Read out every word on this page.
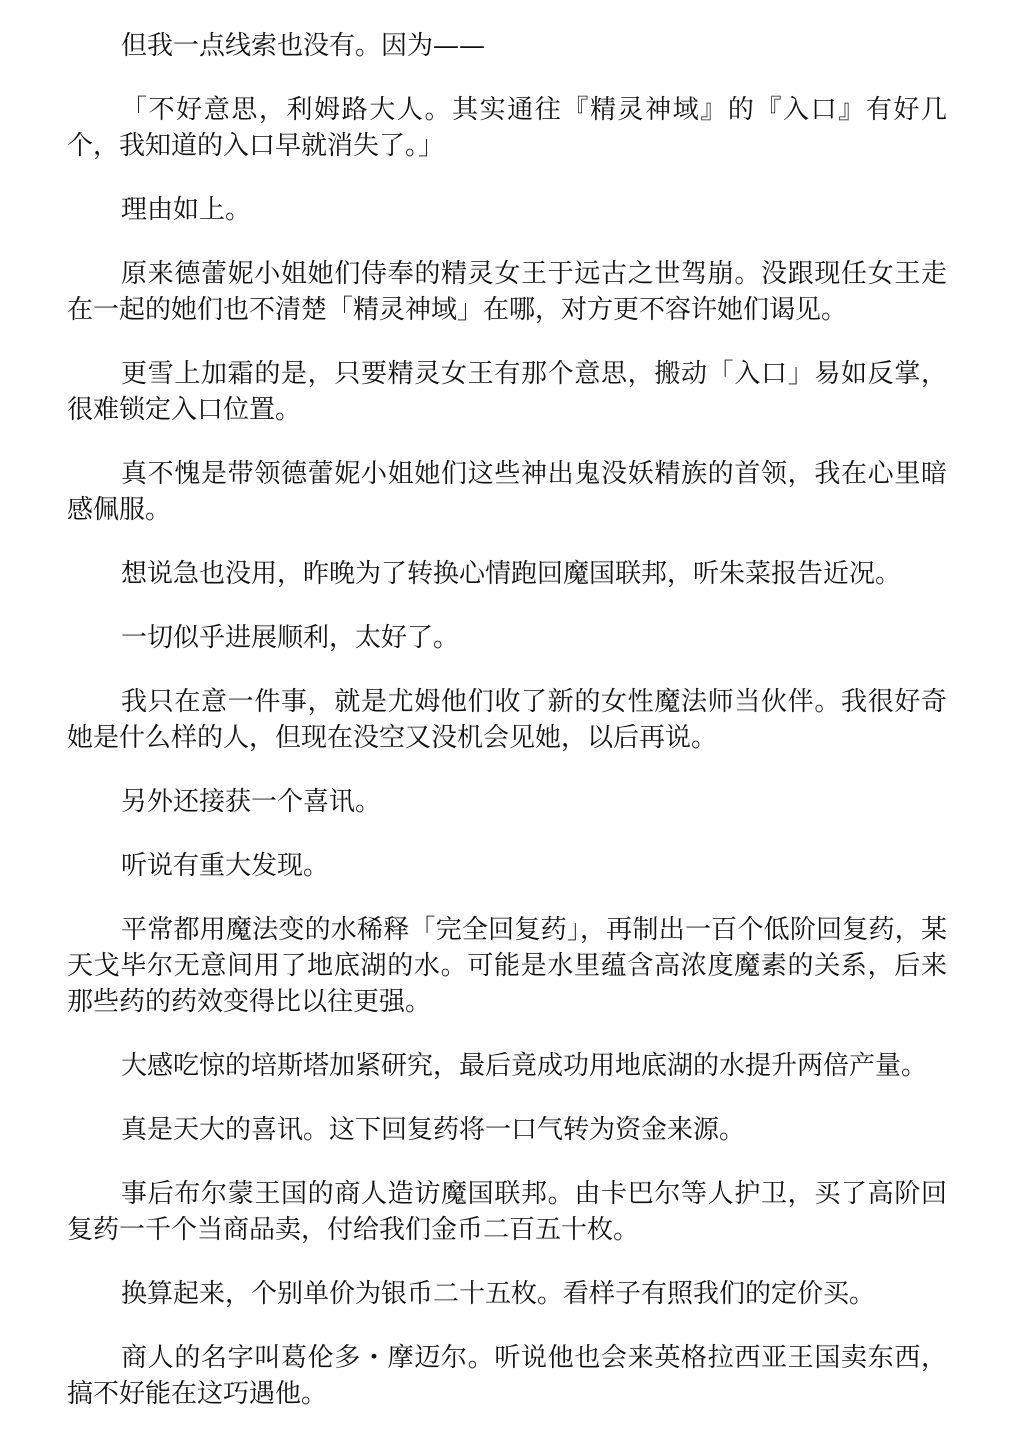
但我一点线索也没有。因为——

「不好意思，利姆路大人。其实通往『精灵神域』的『入口』有好几个，我知道的入口早就消失了。」

理由如上。

原来德蕾妮小姐她们侍奉的精灵女王于远古之世驾崩。没跟现任女王走在一起的她们也不清楚「精灵神域」在哪，对方更不容许她们谒见。

更雪上加霜的是，只要精灵女王有那个意思，搬动「入口」易如反掌，很难锁定入口位置。

真不愧是带领德蕾妮小姐她们这些神出鬼没妖精族的首领，我在心里暗感佩服。

想说急也没用，昨晚为了转换心情跑回魔国联邦，听朱菜报告近况。

一切似乎进展顺利，太好了。

我只在意一件事，就是尤姆他们收了新的女性魔法师当伙伴。我很好奇她是什么样的人，但现在没空又没机会见她，以后再说。

另外还接获一个喜讯。

听说有重大发现。

平常都用魔法变的水稀释「完全回复药」，再制出一百个低阶回复药，某天戈毕尔无意间用了地底湖的水。可能是水里蕴含高浓度魔素的关系，后来那些药的药效变得比以往更强。

大感吃惊的培斯塔加紧研究，最后竟成功用地底湖的水提升两倍产量。

真是天大的喜讯。这下回复药将一口气转为资金来源。

事后布尔蒙王国的商人造访魔国联邦。由卡巴尔等人护卫，买了高阶回复药一千个当商品卖，付给我们金币二百五十枚。

换算起来，个别单价为银币二十五枚。看样子有照我们的定价买。

商人的名字叫葛伦多・摩迈尔。听说他也会来英格拉西亚王国卖东西，搞不好能在这巧遇他。
